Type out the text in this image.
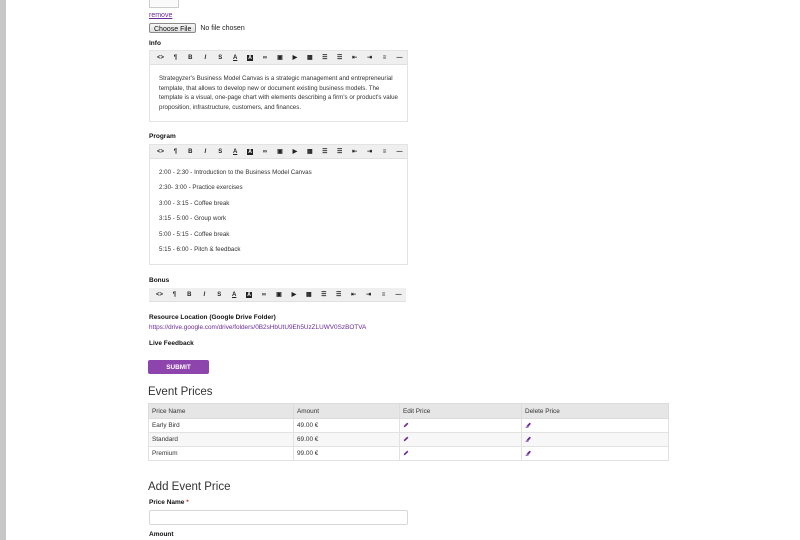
remove
Choose File	No file chosen
Info
<>	¶	B	I	S	A	A	∞	▣	▶	▦	☰	☰	⇤	⇥	≡	—
Strategyzer's Business Model Canvas is a strategic management and entrepreneurial template, that allows to develop new or document existing business models. The template is a visual, one-page chart with elements describing a firm's or product's value proposition, infrastructure, customers, and finances.
Program
<>	¶	B	I	S	A	A	∞	▣	▶	▦	☰	☰	⇤	⇥	≡	—
2:00 - 2:30 - Introduction to the Business Model Canvas
2:30- 3:00 - Practice exercises
3:00 - 3:15 - Coffee break
3:15 - 5:00 - Group work
5:00 - 5:15 - Coffee break
5:15 - 6:00 - Pitch & feedback
Bonus
<>	¶	B	I	S	A	A	∞	▣	▶	▦	☰	☰	⇤	⇥	≡	—
Resource Location (Google Drive Folder)
https://drive.google.com/drive/folders/0B2sHbUtU9Eh5UzZLUWV0SzBOTVA
Live Feedback
SUBMIT
Event Prices
Price Name	Amount	Edit Price	Delete Price
Early Bird	49.00 €		
Standard	69.00 €		
Premium	99.00 €		
Add Event Price
Price Name *
Amount
